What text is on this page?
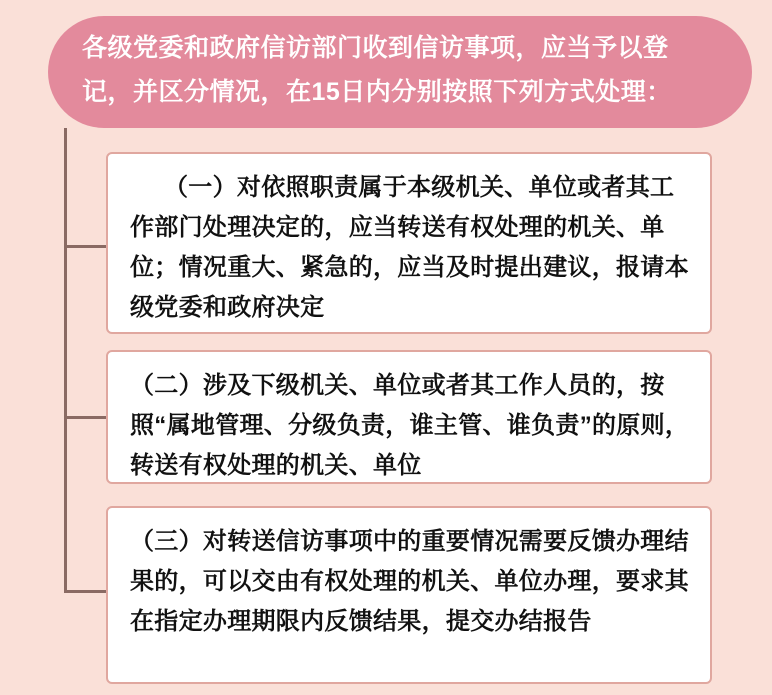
各级党委和政府信访部门收到信访事项，应当予以登记，并区分情况，在15日内分别按照下列方式处理：
（一）对依照职责属于本级机关、单位或者其工作部门处理决定的，应当转送有权处理的机关、单位；情况重大、紧急的，应当及时提出建议，报请本级党委和政府决定
（二）涉及下级机关、单位或者其工作人员的，按照“属地管理、分级负责，谁主管、谁负责”的原则，转送有权处理的机关、单位
（三）对转送信访事项中的重要情况需要反馈办理结果的，可以交由有权处理的机关、单位办理，要求其在指定办理期限内反馈结果，提交办结报告
